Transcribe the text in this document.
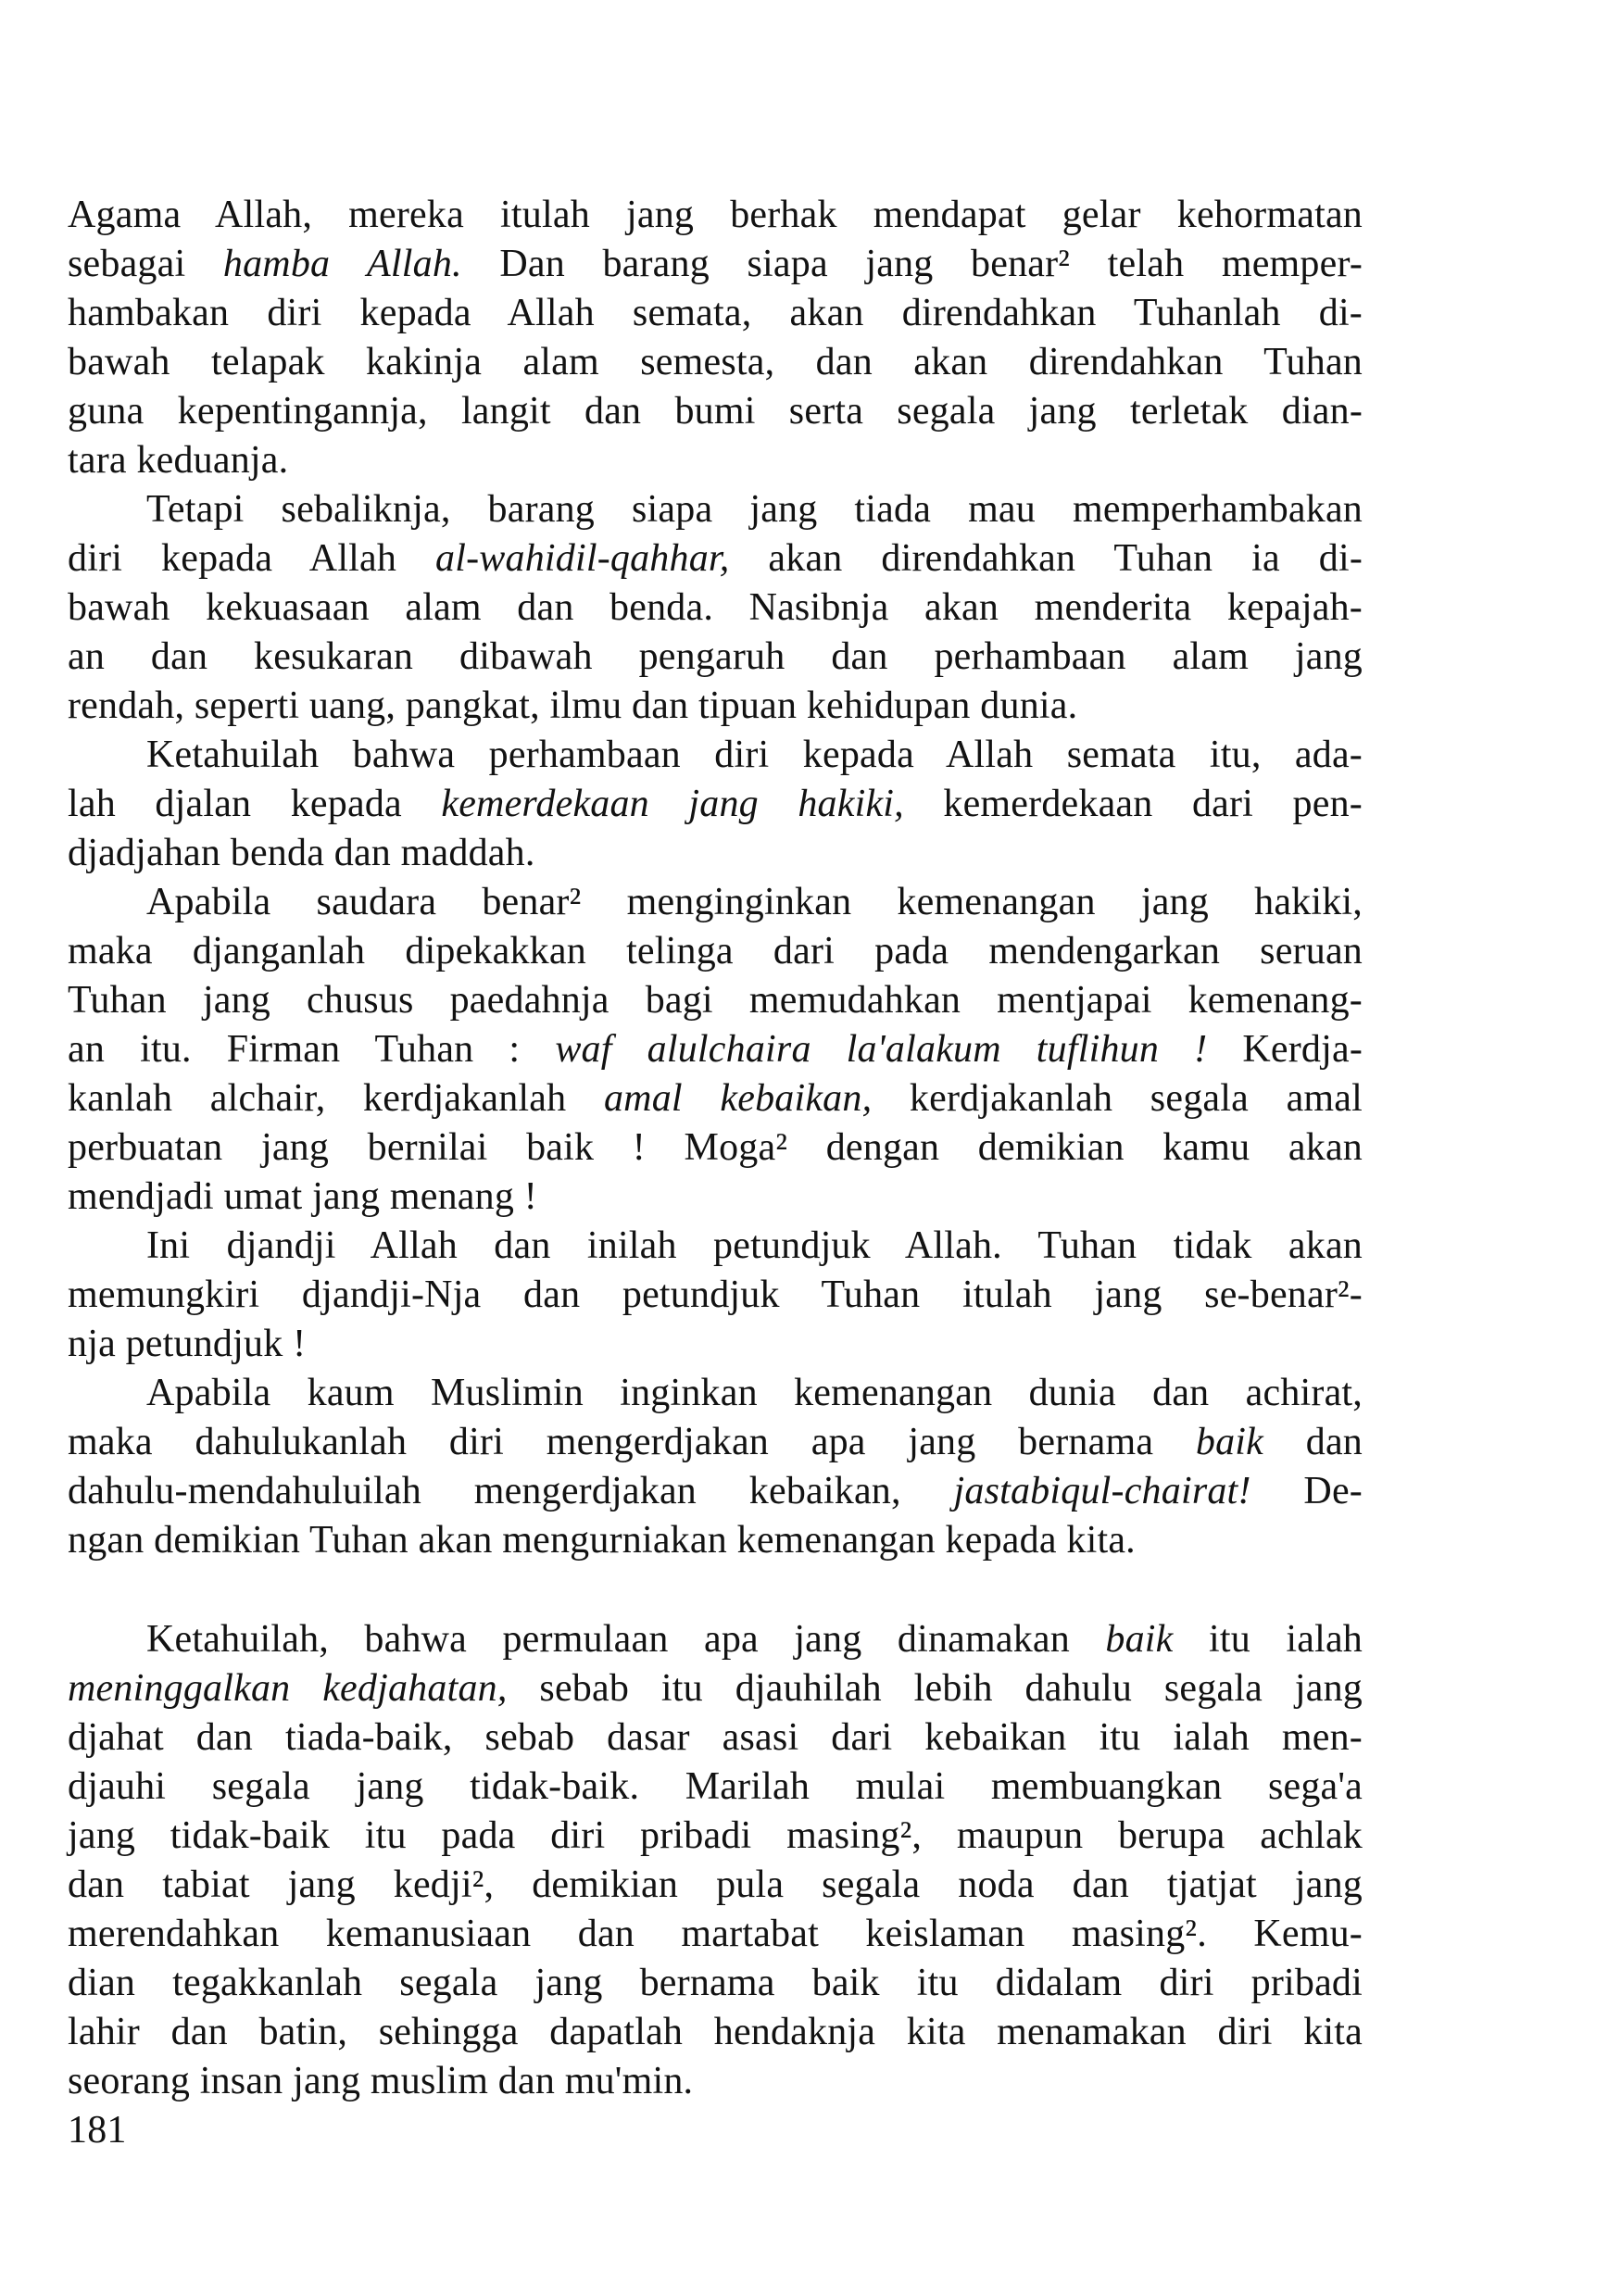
Agama Allah, mereka itulah jang berhak mendapat gelar kehormatan
sebagai hamba Allah. Dan barang siapa jang benar² telah memper-
hambakan diri kepada Allah semata, akan direndahkan Tuhanlah di-
bawah telapak kakinja alam semesta, dan akan direndahkan Tuhan
guna kepentingannja, langit dan bumi serta segala jang terletak dian-
tara keduanja.
Tetapi sebaliknja, barang siapa jang tiada mau memperhambakan
diri kepada Allah al-wahidil-qahhar, akan direndahkan Tuhan ia di-
bawah kekuasaan alam dan benda. Nasibnja akan menderita kepajah-
an dan kesukaran dibawah pengaruh dan perhambaan alam jang
rendah, seperti uang, pangkat, ilmu dan tipuan kehidupan dunia.
Ketahuilah bahwa perhambaan diri kepada Allah semata itu, ada-
lah djalan kepada kemerdekaan jang hakiki, kemerdekaan dari pen-
djadjahan benda dan maddah.
Apabila saudara benar² menginginkan kemenangan jang hakiki,
maka djanganlah dipekakkan telinga dari pada mendengarkan seruan
Tuhan jang chusus paedahnja bagi memudahkan mentjapai kemenang-
an itu. Firman Tuhan : waf alulchaira la'alakum tuflihun ! Kerdja-
kanlah alchair, kerdjakanlah amal kebaikan, kerdjakanlah segala amal
perbuatan jang bernilai baik ! Moga² dengan demikian kamu akan
mendjadi umat jang menang !
Ini djandji Allah dan inilah petundjuk Allah. Tuhan tidak akan
memungkiri djandji-Nja dan petundjuk Tuhan itulah jang se-benar²-
nja petundjuk !
Apabila kaum Muslimin inginkan kemenangan dunia dan achirat,
maka dahulukanlah diri mengerdjakan apa jang bernama baik dan
dahulu-mendahuluilah mengerdjakan kebaikan, jastabiqul-chairat! De-
ngan demikian Tuhan akan mengurniakan kemenangan kepada kita.
Ketahuilah, bahwa permulaan apa jang dinamakan baik itu ialah
meninggalkan kedjahatan, sebab itu djauhilah lebih dahulu segala jang
djahat dan tiada-baik, sebab dasar asasi dari kebaikan itu ialah men-
djauhi segala jang tidak-baik. Marilah mulai membuangkan sega'a
jang tidak-baik itu pada diri pribadi masing², maupun berupa achlak
dan tabiat jang kedji², demikian pula segala noda dan tjatjat jang
merendahkan kemanusiaan dan martabat keislaman masing². Kemu-
dian tegakkanlah segala jang bernama baik itu didalam diri pribadi
lahir dan batin, sehingga dapatlah hendaknja kita menamakan diri kita
seorang insan jang muslim dan mu'min.
181
